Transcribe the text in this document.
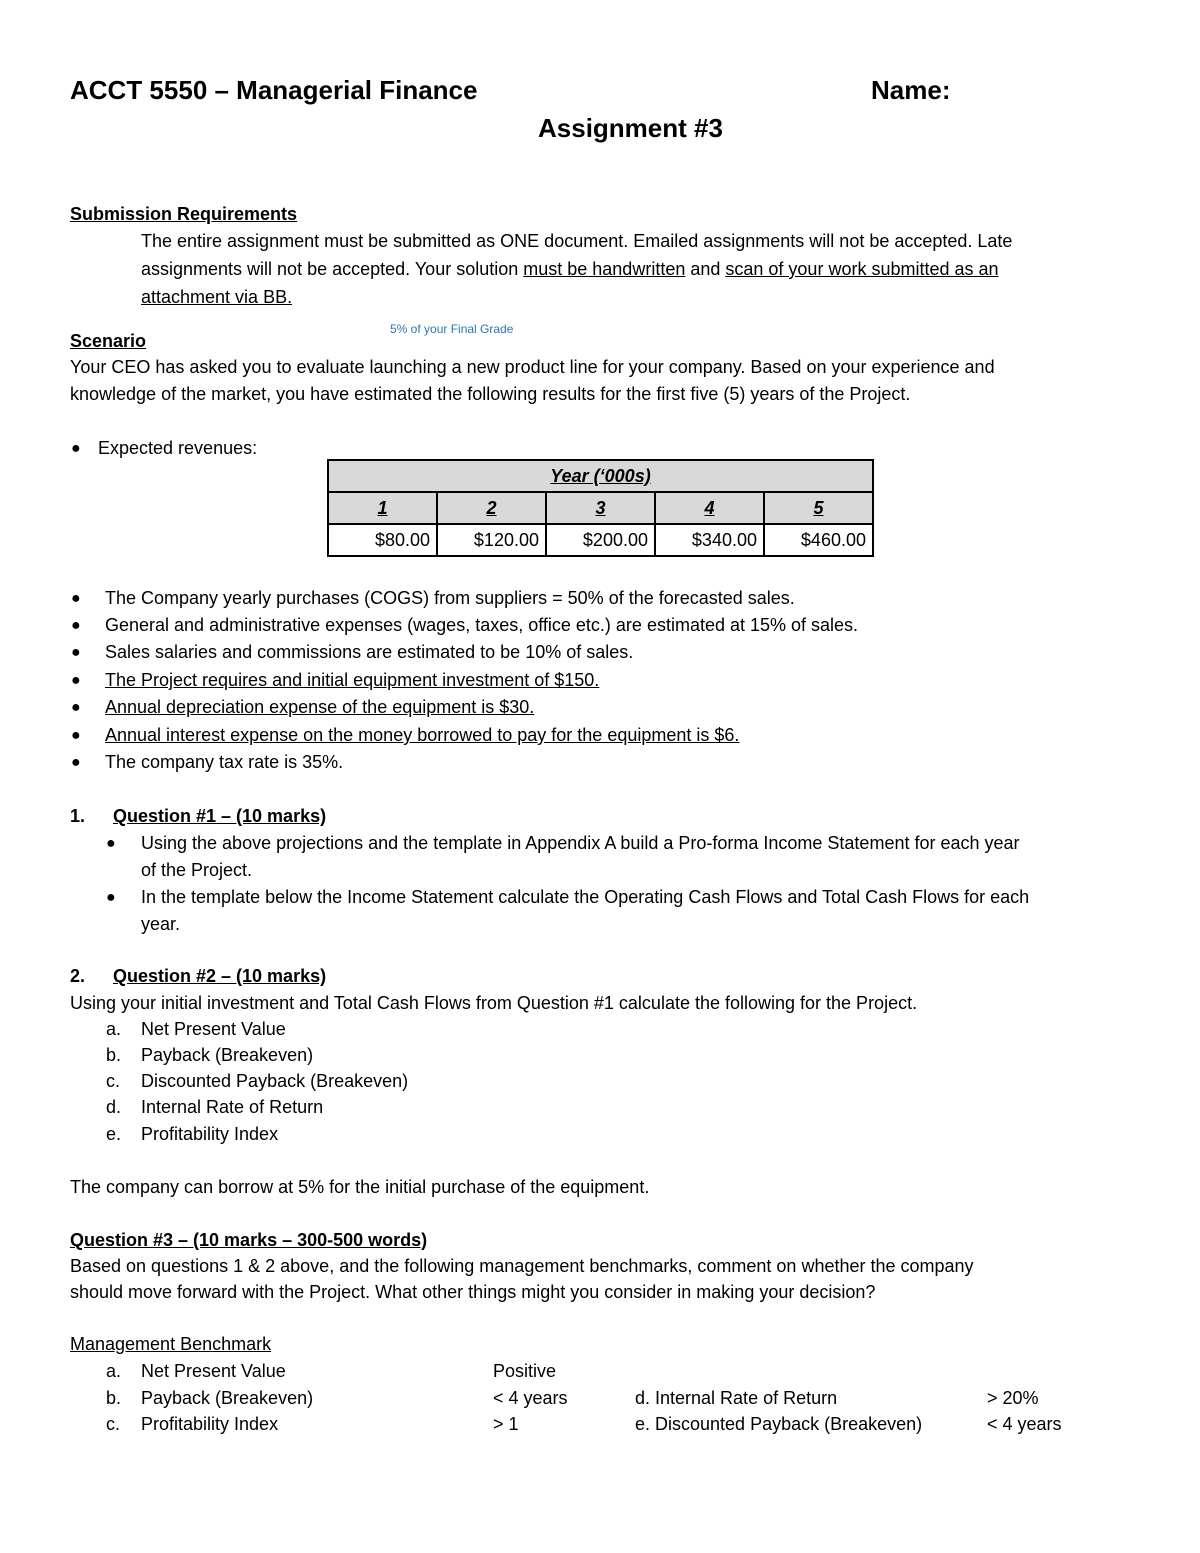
ACCT 5550 – Managerial Finance	Name:
Assignment #3
Submission Requirements
The entire assignment must be submitted as ONE document. Emailed assignments will not be accepted. Late
assignments will not be accepted. Your solution must be handwritten and scan of your work submitted as an
attachment via BB.
5% of your Final Grade
Scenario
Your CEO has asked you to evaluate launching a new product line for your company. Based on your experience and
knowledge of the market, you have estimated the following results for the first five (5) years of the Project.
● Expected revenues:
Year (‘000s)				
1	2	3	4	5
$80.00	$120.00	$200.00	$340.00	$460.00
● The Company yearly purchases (COGS) from suppliers = 50% of the forecasted sales.
● General and administrative expenses (wages, taxes, office etc.) are estimated at 15% of sales.
● Sales salaries and commissions are estimated to be 10% of sales.
● The Project requires and initial equipment investment of $150.
● Annual depreciation expense of the equipment is $30.
● Annual interest expense on the money borrowed to pay for the equipment is $6.
● The company tax rate is 35%.
1. Question #1 – (10 marks)
● Using the above projections and the template in Appendix A build a Pro-forma Income Statement for each year
of the Project.
● In the template below the Income Statement calculate the Operating Cash Flows and Total Cash Flows for each
year.
2. Question #2 – (10 marks)
Using your initial investment and Total Cash Flows from Question #1 calculate the following for the Project.
a. Net Present Value
b. Payback (Breakeven)
c. Discounted Payback (Breakeven)
d. Internal Rate of Return
e. Profitability Index
The company can borrow at 5% for the initial purchase of the equipment.
Question #3 – (10 marks – 300-500 words)
Based on questions 1 & 2 above, and the following management benchmarks, comment on whether the company
should move forward with the Project. What other things might you consider in making your decision?
Management Benchmark
a. Net Present Value	Positive
b. Payback (Breakeven)	< 4 years	d. Internal Rate of Return	> 20%
c. Profitability Index	> 1	e. Discounted Payback (Breakeven)	< 4 years
